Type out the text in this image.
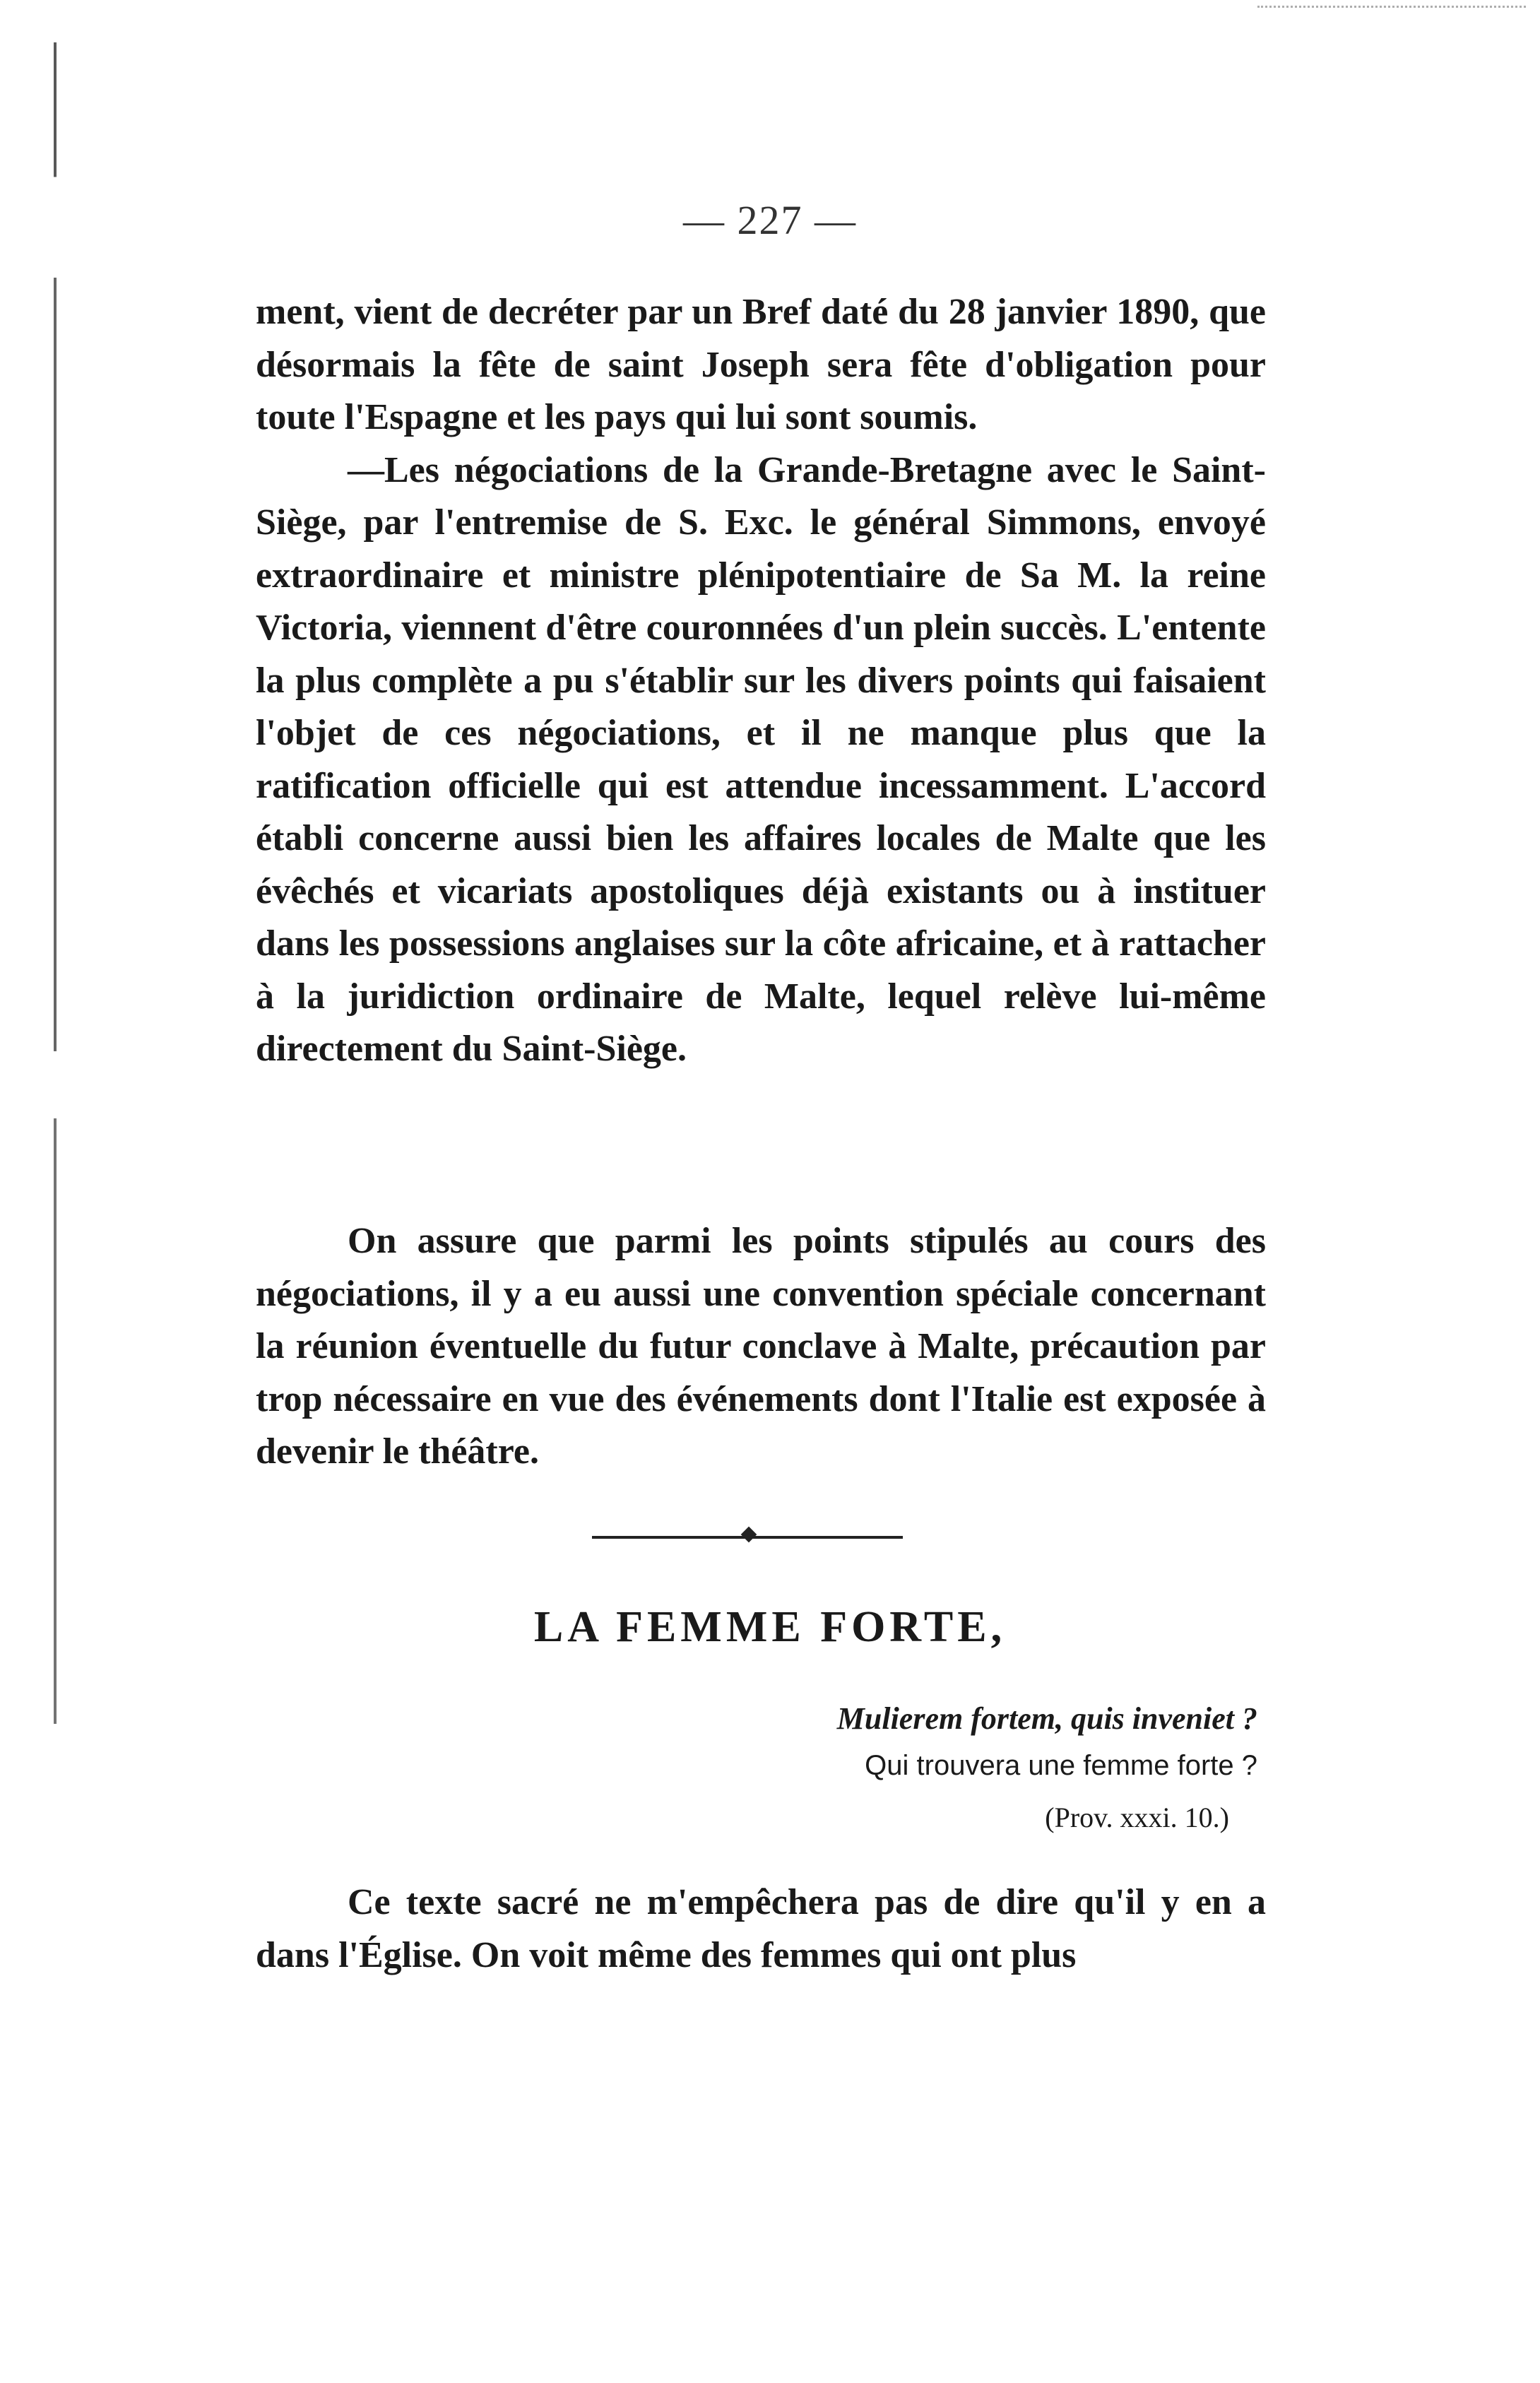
— 227 —

ment, vient de decréter par un Bref daté du 28 janvier 1890, que désormais la fête de saint Joseph sera fête d'obligation pour toute l'Espagne et les pays qui lui sont soumis.

—Les négociations de la Grande-Bretagne avec le Saint-Siège, par l'entremise de S. Exc. le général Simmons, envoyé extraordinaire et ministre plénipotentiaire de Sa M. la reine Victoria, viennent d'être couronnées d'un plein succès. L'entente la plus complète a pu s'établir sur les divers points qui faisaient l'objet de ces négociations, et il ne manque plus que la ratification officielle qui est attendue incessamment. L'accord établi concerne aussi bien les affaires locales de Malte que les évêchés et vicariats apostoliques déjà existants ou à instituer dans les possessions anglaises sur la côte africaine, et à rattacher à la juridiction ordinaire de Malte, lequel relève lui-même directement du Saint-Siège.

On assure que parmi les points stipulés au cours des négociations, il y a eu aussi une convention spéciale concernant la réunion éventuelle du futur conclave à Malte, précaution par trop nécessaire en vue des événements dont l'Italie est exposée à devenir le théâtre.

LA FEMME FORTE,
Mulierem fortem, quis inveniet ?
Qui trouvera une femme forte ?
(Prov. xxxi. 10.)

Ce texte sacré ne m'empêchera pas de dire qu'il y en a dans l'Église. On voit même des femmes qui ont plus
